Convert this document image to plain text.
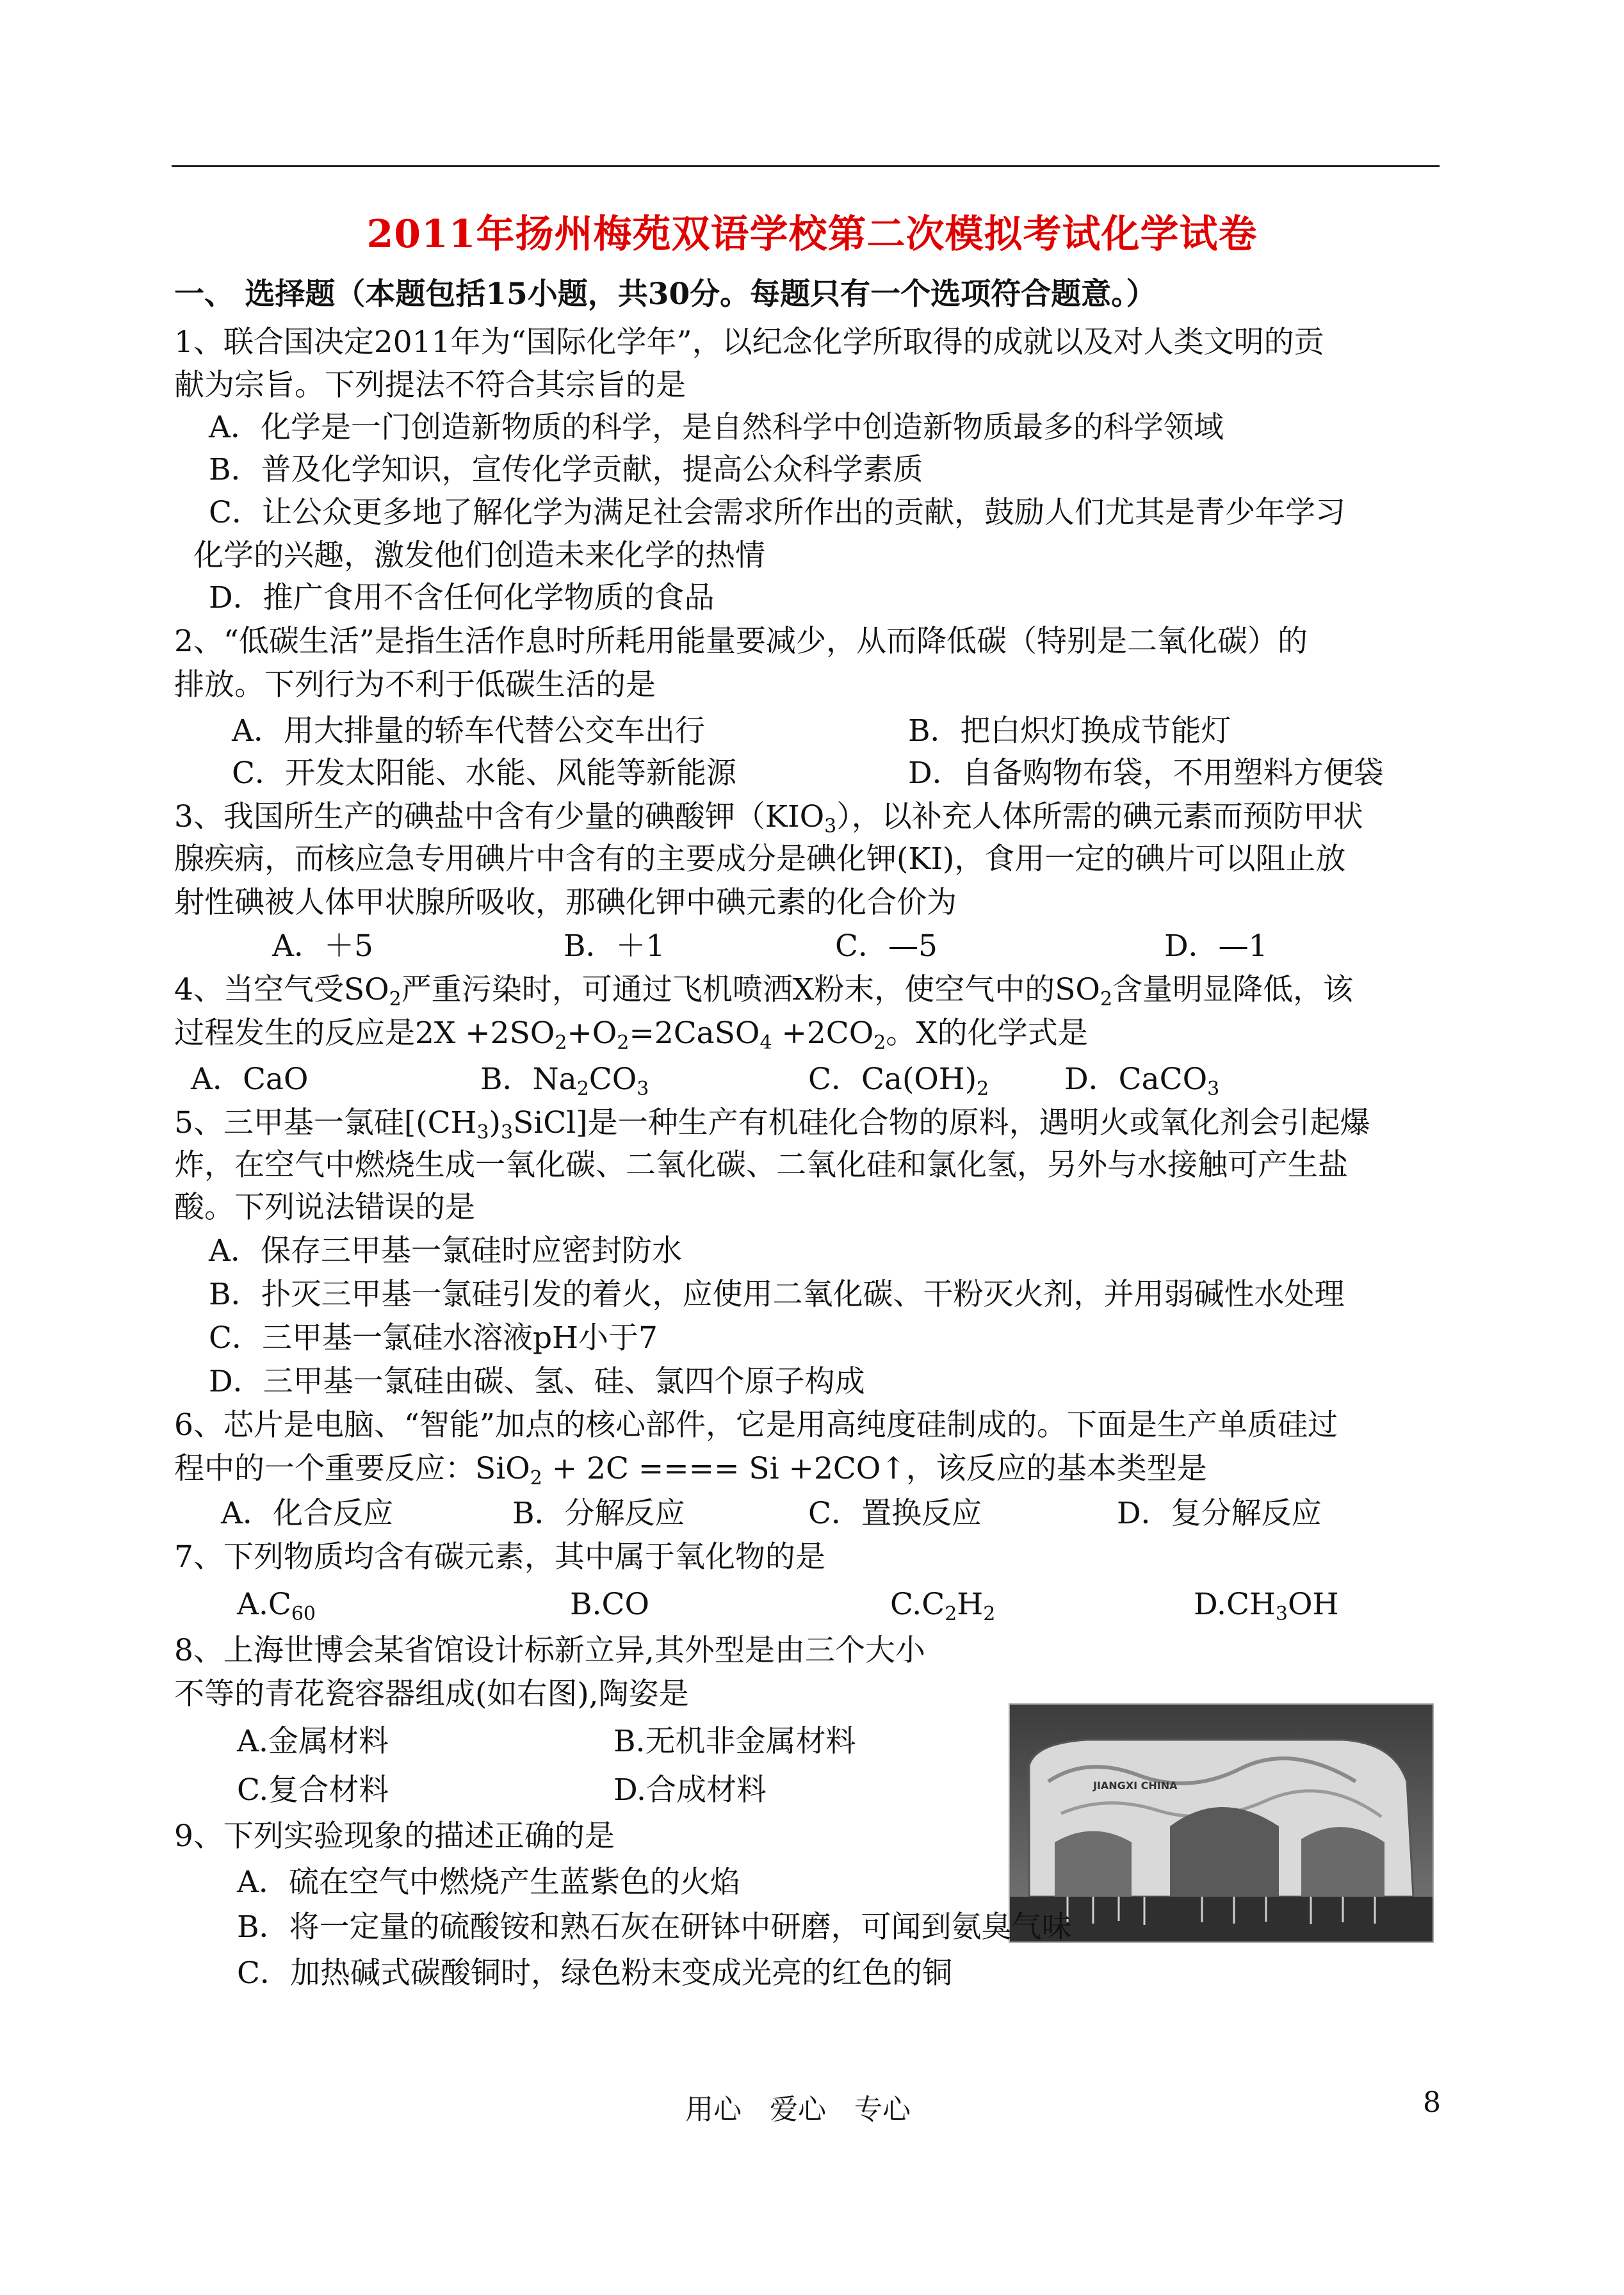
2011年扬州梅苑双语学校第二次模拟考试化学试卷
一、 选择题（本题包括15小题，共30分。每题只有一个选项符合题意。）
1、联合国决定2011年为“国际化学年”，以纪念化学所取得的成就以及对人类文明的贡
献为宗旨。下列提法不符合其宗旨的是
A．化学是一门创造新物质的科学，是自然科学中创造新物质最多的科学领域
B．普及化学知识，宣传化学贡献，提高公众科学素质
C．让公众更多地了解化学为满足社会需求所作出的贡献，鼓励人们尤其是青少年学习
化学的兴趣，激发他们创造未来化学的热情
D．推广食用不含任何化学物质的食品
2、“低碳生活”是指生活作息时所耗用能量要减少，从而降低碳（特别是二氧化碳）的
排放。下列行为不利于低碳生活的是
A．用大排量的轿车代替公交车出行	B．把白炽灯换成节能灯
C．开发太阳能、水能、风能等新能源	D．自备购物布袋，不用塑料方便袋
3、我国所生产的碘盐中含有少量的碘酸钾$(KIO_3)$，以补充人体所需的碘元素而预防甲状
腺疾病，而核应急专用碘片中含有的主要成分是碘化钾(KI)，食用一定的碘片可以阻止放
射性碘被人体甲状腺所吸收，那碘化钾中碘元素的化合价为
A．＋5	B．＋1	C．—5	D．—1
4、当空气受$SO_2$严重污染时，可通过飞机喷洒X粉末，使空气中的$SO_2$含量明显降低，该
过程发生的反应是$2X +2SO_2+O_2=2CaSO_4 +2CO_2$。X的化学式是
A．CaO	B．$Na_2CO_3$	C．$Ca(OH)_2$	D．CaCO$_3$
5、三甲基一氯硅$[(CH_3)_3SiCl]$是一种生产有机硅化合物的原料，遇明火或氧化剂会引起爆
炸，在空气中燃烧生成一氧化碳、二氧化碳、二氧化硅和氯化氢，另外与水接触可产生盐
酸。下列说法错误的是
A．保存三甲基一氯硅时应密封防水
B．扑灭三甲基一氯硅引发的着火，应使用二氧化碳、干粉灭火剂，并用弱碱性水处理
C．三甲基一氯硅水溶液pH小于7
D．三甲基一氯硅由碳、氢、硅、氯四个原子构成
6、芯片是电脑、“智能”加点的核心部件，它是用高纯度硅制成的。下面是生产单质硅过
程中的一个重要反应：SiO$_2$ + 2C ==== Si +2CO↑，该反应的基本类型是
A．化合反应	B．分解反应	C．置换反应	D．复分解反应
7、下列物质均含有碳元素，其中属于氧化物的是
$A.C_{60}$	B.CO	$C.C_2H_2$	$D.CH_3OH$
8、上海世博会某省馆设计标新立异,其外型是由三个大小
不等的青花瓷容器组成(如右图),陶姿是
A.金属材料	B.无机非金属材料
C.复合材料	D.合成材料	JIANGXI CHINA
9、下列实验现象的描述正确的是
A．硫在空气中燃烧产生蓝紫色的火焰
B．将一定量的硫酸铵和熟石灰在研钵中研磨，可闻到氨臭气味
C．加热碱式碳酸铜时，绿色粉末变成光亮的红色的铜
用心　爱心　专心	8
